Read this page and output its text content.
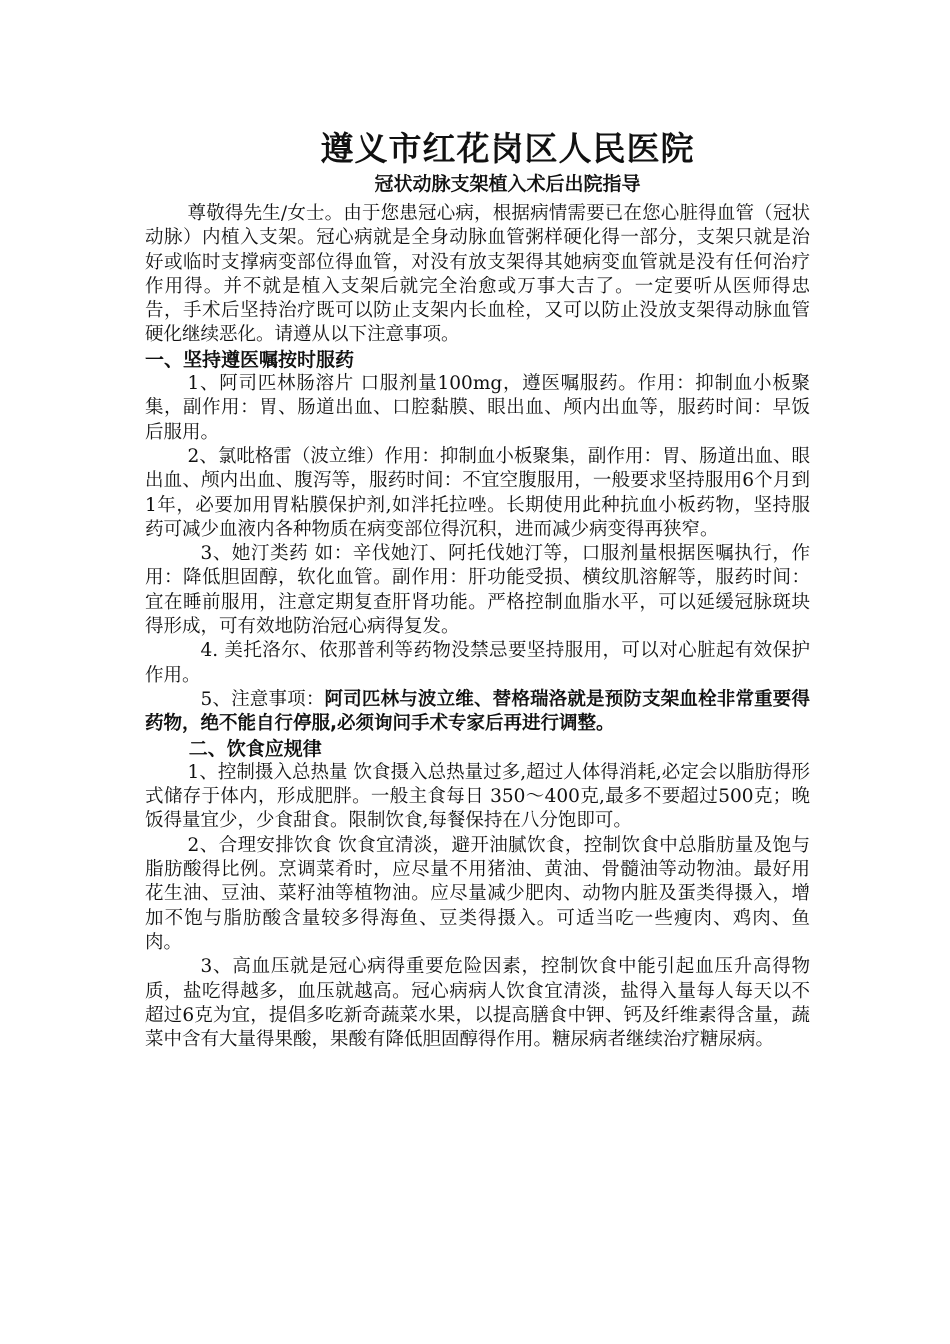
遵义市红花岗区人民医院
冠状动脉支架植入术后出院指导

尊敬得先生/女士。由于您患冠心病，根据病情需要已在您心脏得血管（冠状动脉）内植入支架。冠心病就是全身动脉血管粥样硬化得一部分，支架只就是治好或临时支撑病变部位得血管，对没有放支架得其她病变血管就是没有任何治疗作用得。并不就是植入支架后就完全治愈或万事大吉了。一定要听从医师得忠告，手术后坚持治疗既可以防止支架内长血栓，又可以防止没放支架得动脉血管硬化继续恶化。请遵从以下注意事项。

一、坚持遵医嘱按时服药

1、阿司匹林肠溶片 口服剂量100mg，遵医嘱服药。作用：抑制血小板聚集，副作用：胃、肠道出血、口腔黏膜、眼出血、颅内出血等，服药时间：早饭后服用。

2、氯吡格雷（波立维）作用：抑制血小板聚集，副作用：胃、肠道出血、眼出血、颅内出血、腹泻等，服药时间：不宜空腹服用，一般要求坚持服用6个月到1年，必要加用胃粘膜保护剂,如泮托拉唑。长期使用此种抗血小板药物，坚持服药可减少血液内各种物质在病变部位得沉积，进而减少病变得再狭窄。

3、她汀类药 如：辛伐她汀、阿托伐她汀等，口服剂量根据医嘱执行，作用：降低胆固醇，软化血管。副作用：肝功能受损、横纹肌溶解等，服药时间：宜在睡前服用，注意定期复查肝肾功能。严格控制血脂水平，可以延缓冠脉斑块得形成，可有效地防治冠心病得复发。

4. 美托洛尔、依那普利等药物没禁忌要坚持服用，可以对心脏起有效保护作用。

5、注意事项：阿司匹林与波立维、替格瑞洛就是预防支架血栓非常重要得药物，绝不能自行停服,必须询问手术专家后再进行调整。

二、饮食应规律

1、控制摄入总热量 饮食摄入总热量过多,超过人体得消耗,必定会以脂肪得形式储存于体内，形成肥胖。一般主食每日 350～400克,最多不要超过500克；晚饭得量宜少，少食甜食。限制饮食,每餐保持在八分饱即可。

2、合理安排饮食 饮食宜清淡，避开油腻饮食，控制饮食中总脂肪量及饱与脂肪酸得比例。烹调菜肴时，应尽量不用猪油、黄油、骨髓油等动物油。最好用花生油、豆油、菜籽油等植物油。应尽量减少肥肉、动物内脏及蛋类得摄入，增加不饱与脂肪酸含量较多得海鱼、豆类得摄入。可适当吃一些瘦肉、鸡肉、鱼肉。

3、高血压就是冠心病得重要危险因素，控制饮食中能引起血压升高得物质，盐吃得越多，血压就越高。冠心病病人饮食宜清淡，盐得入量每人每天以不超过6克为宜，提倡多吃新奇蔬菜水果，以提高膳食中钾、钙及纤维素得含量，蔬菜中含有大量得果酸，果酸有降低胆固醇得作用。糖尿病者继续治疗糖尿病。
